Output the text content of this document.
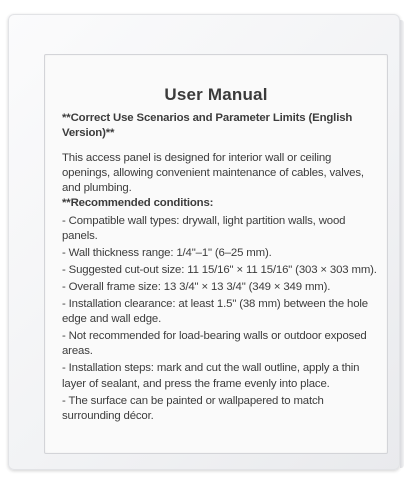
User Manual

**Correct Use Scenarios and Parameter Limits (English Version)**

This access panel is designed for interior wall or ceiling openings, allowing convenient maintenance of cables, valves, and plumbing.

**Recommended conditions:

- Compatible wall types: drywall, light partition walls, wood panels.

- Wall thickness range: 1/4"–1" (6–25 mm).

- Suggested cut-out size: 11 15/16" × 11 15/16" (303 × 303 mm).

- Overall frame size: 13 3/4" × 13 3/4" (349 × 349 mm).

- Installation clearance: at least 1.5" (38 mm) between the hole edge and wall edge.

- Not recommended for load-bearing walls or outdoor exposed areas.

- Installation steps: mark and cut the wall outline, apply a thin layer of sealant, and press the frame evenly into place.

- The surface can be painted or wallpapered to match surrounding décor.
